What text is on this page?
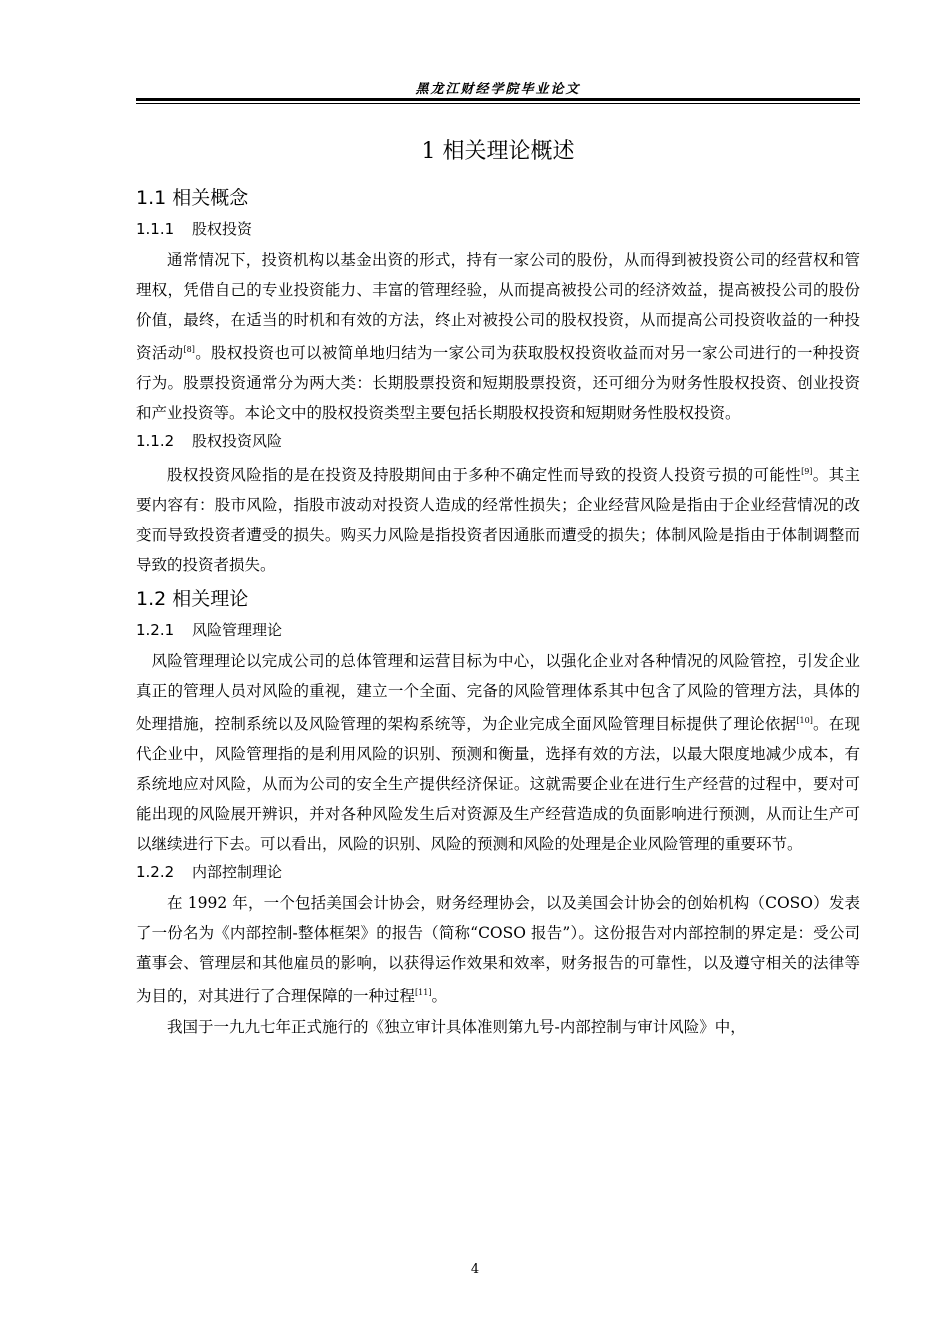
黑龙江财经学院毕业论文
1 相关理论概述
1.1 相关概念
1.1.1 股权投资

通常情况下，投资机构以基金出资的形式，持有一家公司的股份，从而得到被投资公司的经营权和管理权，凭借自己的专业投资能力、丰富的管理经验，从而提高被投公司的经济效益，提高被投公司的股份价值，最终，在适当的时机和有效的方法，终止对被投公司的股权投资，从而提高公司投资收益的一种投资活动[8]。股权投资也可以被简单地归结为一家公司为获取股权投资收益而对另一家公司进行的一种投资行为。股票投资通常分为两大类：长期股票投资和短期股票投资，还可细分为财务性股权投资、创业投资和产业投资等。本论文中的股权投资类型主要包括长期股权投资和短期财务性股权投资。

1.1.2 股权投资风险

股权投资风险指的是在投资及持股期间由于多种不确定性而导致的投资人投资亏损的可能性[9]。其主要内容有：股市风险，指股市波动对投资人造成的经常性损失；企业经营风险是指由于企业经营情况的改变而导致投资者遭受的损失。购买力风险是指投资者因通胀而遭受的损失；体制风险是指由于体制调整而导致的投资者损失。

1.2 相关理论
1.2.1 风险管理理论

风险管理理论以完成公司的总体管理和运营目标为中心，以强化企业对各种情况的风险管控，引发企业真正的管理人员对风险的重视，建立一个全面、完备的风险管理体系其中包含了风险的管理方法，具体的处理措施，控制系统以及风险管理的架构系统等，为企业完成全面风险管理目标提供了理论依据[10]。在现代企业中，风险管理指的是利用风险的识别、预测和衡量，选择有效的方法，以最大限度地减少成本，有系统地应对风险，从而为公司的安全生产提供经济保证。这就需要企业在进行生产经营的过程中，要对可能出现的风险展开辨识，并对各种风险发生后对资源及生产经营造成的负面影响进行预测，从而让生产可以继续进行下去。可以看出，风险的识别、风险的预测和风险的处理是企业风险管理的重要环节。

1.2.2 内部控制理论

在 1992 年，一个包括美国会计协会，财务经理协会，以及美国会计协会的创始机构（COSO）发表了一份名为《内部控制-整体框架》的报告（简称“COSO 报告”）。这份报告对内部控制的界定是：受公司董事会、管理层和其他雇员的影响，以获得运作效果和效率，财务报告的可靠性，以及遵守相关的法律等为目的，对其进行了合理保障的一种过程[11]。

我国于一九九七年正式施行的《独立审计具体准则第九号-内部控制与审计风险》中，

4
